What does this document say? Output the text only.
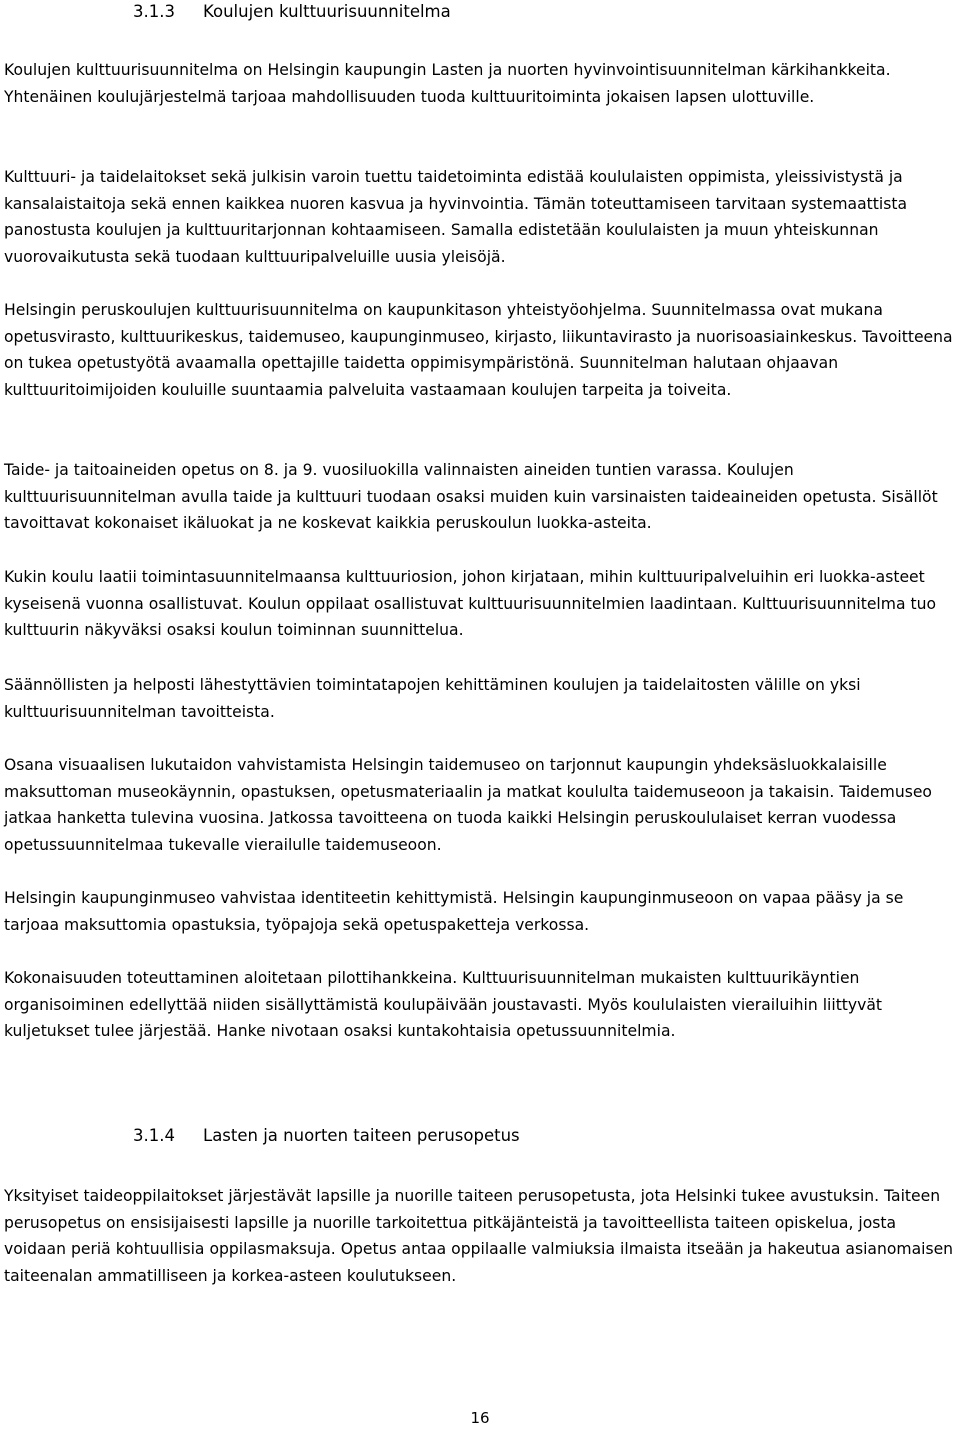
3.1.3 Koulujen kulttuurisuunnitelma

Koulujen kulttuurisuunnitelma on Helsingin kaupungin Lasten ja nuorten hyvinvointisuunnitelman kärkihankkeita. Yhtenäinen koulujärjestelmä tarjoaa mahdollisuuden tuoda kulttuuritoiminta jokaisen lapsen ulottuville.

Kulttuuri- ja taidelaitokset sekä julkisin varoin tuettu taidetoiminta edistää koululaisten oppimista, yleissivistystä ja kansalaistaitoja sekä ennen kaikkea nuoren kasvua ja hyvinvointia. Tämän toteuttamiseen tarvitaan systemaattista panostusta koulujen ja kulttuuritarjonnan kohtaamiseen. Samalla edistetään koululaisten ja muun yhteiskunnan vuorovaikutusta sekä tuodaan kulttuuripalveluille uusia yleisöjä.

Helsingin peruskoulujen kulttuurisuunnitelma on kaupunkitason yhteistyöohjelma. Suunnitelmassa ovat mukana opetusvirasto, kulttuurikeskus, taidemuseo, kaupunginmuseo, kirjasto, liikuntavirasto ja nuorisoasiainkeskus. Tavoitteena on tukea opetustyötä avaamalla opettajille taidetta oppimisympäristönä. Suunnitelman halutaan ohjaavan kulttuuritoimijoiden kouluille suuntaamia palveluita vastaamaan koulujen tarpeita ja toiveita.

Taide- ja taitoaineiden opetus on 8. ja 9. vuosiluokilla valinnaisten aineiden tuntien varassa. Koulujen kulttuurisuunnitelman avulla taide ja kulttuuri tuodaan osaksi muiden kuin varsinaisten taideaineiden opetusta. Sisällöt tavoittavat kokonaiset ikäluokat ja ne koskevat kaikkia peruskoulun luokka-asteita.

Kukin koulu laatii toimintasuunnitelmaansa kulttuuriosion, johon kirjataan, mihin kulttuuripalveluihin eri luokka-asteet kyseisenä vuonna osallistuvat. Koulun oppilaat osallistuvat kulttuurisuunnitelmien laadintaan. Kulttuurisuunnitelma tuo kulttuurin näkyväksi osaksi koulun toiminnan suunnittelua.

Säännöllisten ja helposti lähestyttävien toimintatapojen kehittäminen koulujen ja taidelaitosten välille on yksi kulttuurisuunnitelman tavoitteista.

Osana visuaalisen lukutaidon vahvistamista Helsingin taidemuseo on tarjonnut kaupungin yhdeksäsluokkalaisille maksuttoman museokäynnin, opastuksen, opetusmateriaalin ja matkat koululta taidemuseoon ja takaisin. Taidemuseo jatkaa hanketta tulevina vuosina. Jatkossa tavoitteena on tuoda kaikki Helsingin peruskoululaiset kerran vuodessa opetussuunnitelmaa tukevalle vierailulle taidemuseoon.

Helsingin kaupunginmuseo vahvistaa identiteetin kehittymistä. Helsingin kaupunginmuseoon on vapaa pääsy ja se tarjoaa maksuttomia opastuksia, työpajoja sekä opetuspaketteja verkossa.

Kokonaisuuden toteuttaminen aloitetaan pilottihankkeina. Kulttuurisuunnitelman mukaisten kulttuurikäyntien organisoiminen edellyttää niiden sisällyttämistä koulupäivään joustavasti. Myös koululaisten vierailuihin liittyvät kuljetukset tulee järjestää. Hanke nivotaan osaksi kuntakohtaisia opetussuunnitelmia.

3.1.4 Lasten ja nuorten taiteen perusopetus

Yksityiset taideoppilaitokset järjestävät lapsille ja nuorille taiteen perusopetusta, jota Helsinki tukee avustuksin. Taiteen perusopetus on ensisijaisesti lapsille ja nuorille tarkoitettua pitkäjänteistä ja tavoitteellista taiteen opiskelua, josta voidaan periä kohtuullisia oppilasmaksuja. Opetus antaa oppilaalle valmiuksia ilmaista itseään ja hakeutua asianomaisen taiteenalan ammatilliseen ja korkea-asteen koulutukseen.

16
